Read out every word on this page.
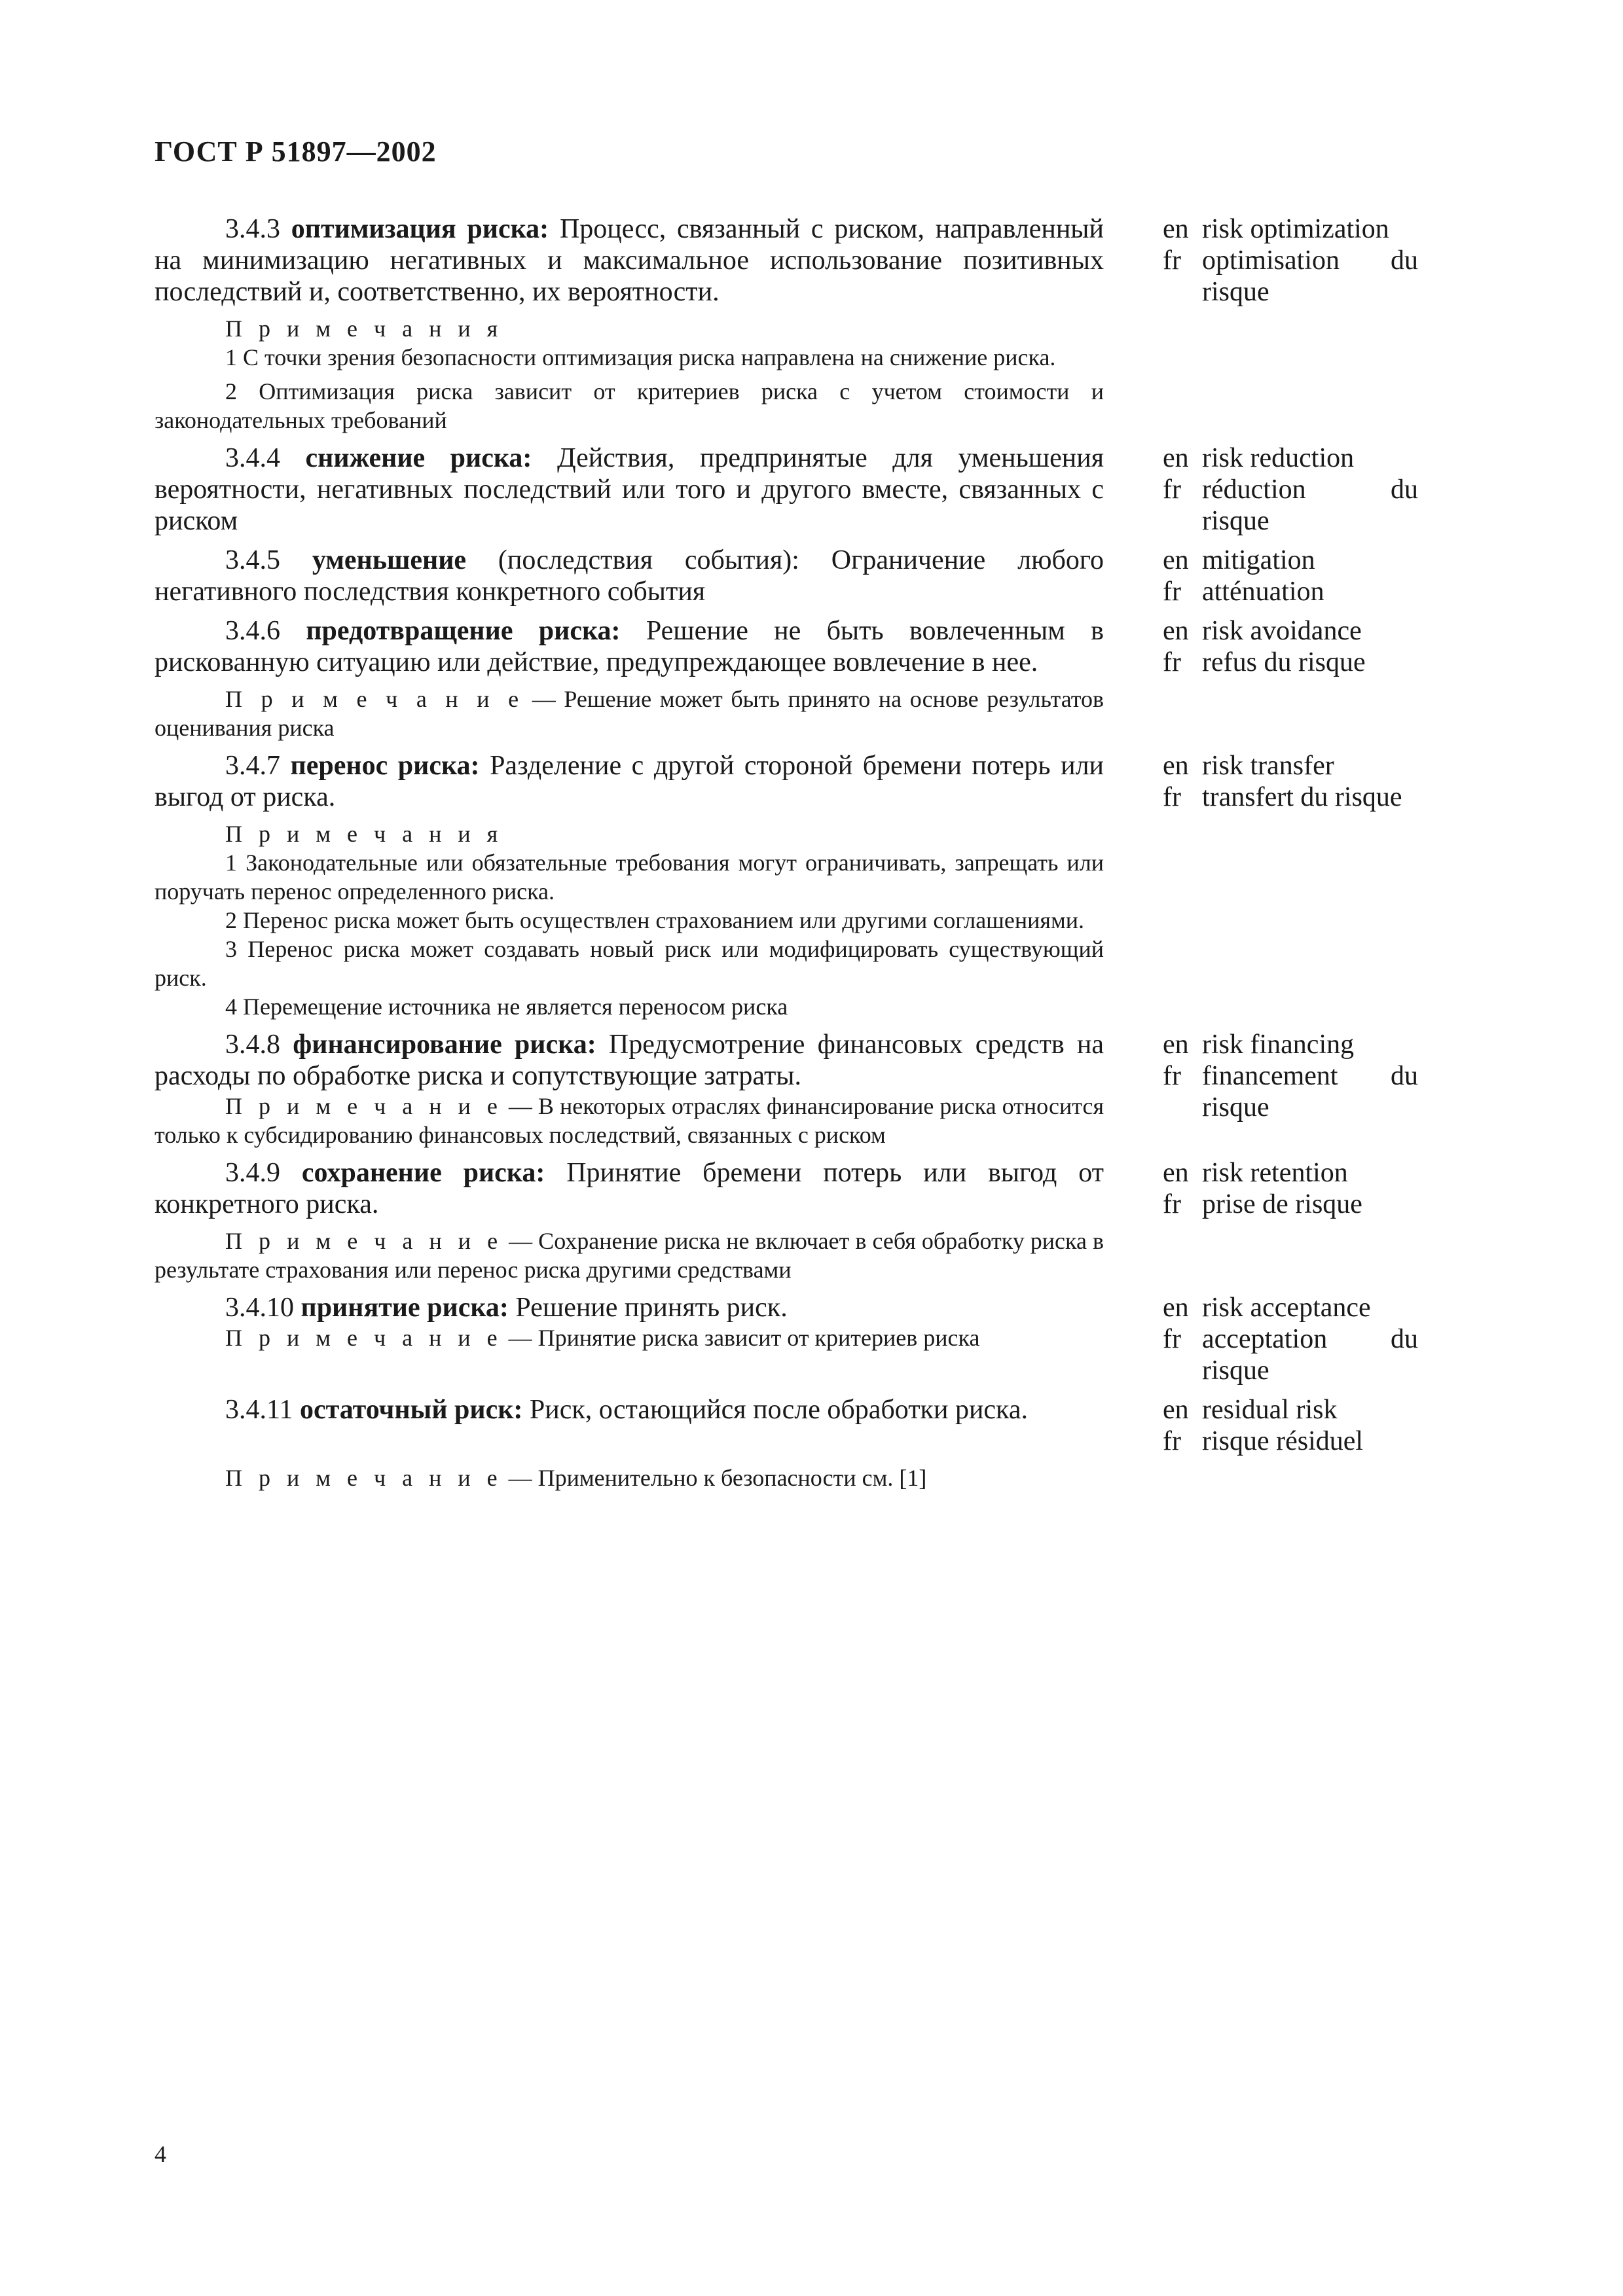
ГОСТ Р 51897—2002
3.4.3 оптимизация риска: Процесс, связанный с риском, направленный на минимизацию негативных и максимальное использование позитивных последствий и, соответственно, их вероятности.
en
fr
risk optimization
optimisation du
risque
П р и м е ч а н и я
1 С точки зрения безопасности оптимизация риска направлена на снижение риска.
2 Оптимизация риска зависит от критериев риска с учетом стоимости и законодательных требований
3.4.4 снижение риска: Действия, предпринятые для уменьшения вероятности, негативных последствий или того и другого вместе, связанных с риском
en
fr
risk reduction
réduction	du
risque
3.4.5 уменьшение (последствия события): Ограничение любого негативного последствия конкретного события
en
fr
mitigation
atténuation
3.4.6 предотвращение риска: Решение не быть вовлеченным в рискованную ситуацию или действие, предупреждающее вовлечение в нее.
en
fr
risk avoidance
refus du risque
П р и м е ч а н и е — Решение может быть принято на основе результатов оценивания риска
3.4.7 перенос риска: Разделение с другой стороной бремени потерь или выгод от риска.
en
fr
risk transfer
transfert du risque
П р и м е ч а н и я
1 Законодательные или обязательные требования могут ограничивать, запрещать или поручать перенос определенного риска.
2 Перенос риска может быть осуществлен страхованием или другими соглашениями.
3 Перенос риска может создавать новый риск или модифицировать существующий риск.
4 Перемещение источника не является переносом риска
3.4.8 финансирование риска: Предусмотрение финансовых средств на расходы по обработке риска и сопутствующие затраты.
П р и м е ч а н и е — В некоторых отраслях финансирование риска относится только к субсидированию финансовых последствий, связанных с риском
en
fr
risk financing
financement du
risque
3.4.9 сохранение риска: Принятие бремени потерь или выгод от конкретного риска.
en
fr
risk retention
prise de risque
П р и м е ч а н и е — Сохранение риска не включает в себя обработку риска в результате страхования или перенос риска другими средствами
3.4.10 принятие риска: Решение принять риск.
П р и м е ч а н и е — Принятие риска зависит от критериев риска
en
fr
risk acceptance
acceptation du
risque
3.4.11 остаточный риск: Риск, остающийся после обработки риска.	en
fr
residual risk
risque résiduel
П р и м е ч а н и е — Применительно к безопасности см. [1]
4
